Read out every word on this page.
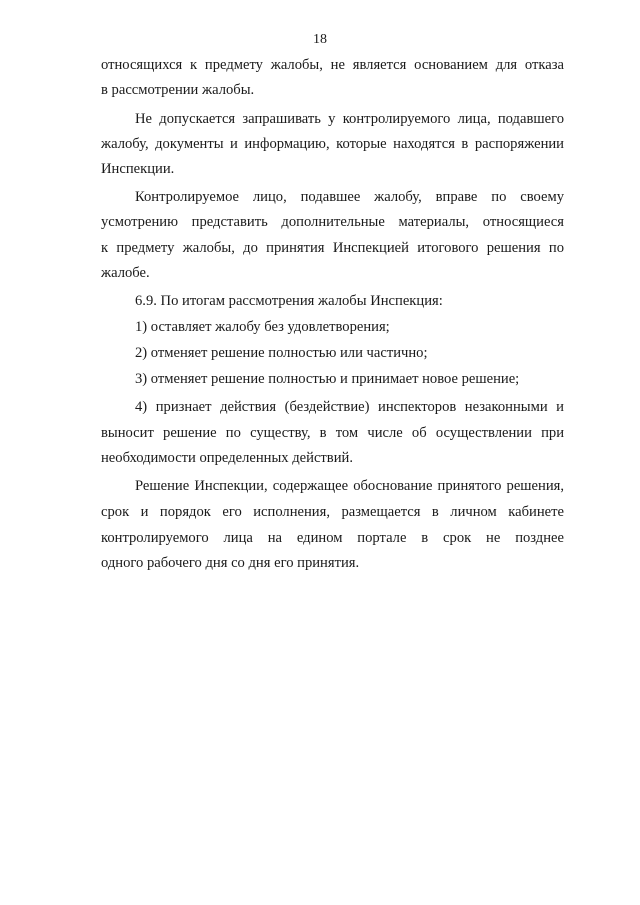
18
относящихся к предмету жалобы, не является основанием для отказа
в рассмотрении жалобы.
Не допускается запрашивать у контролируемого лица, подавшего
жалобу, документы и информацию, которые находятся в распоряжении
Инспекции.
Контролируемое лицо, подавшее жалобу, вправе по своему
усмотрению представить дополнительные материалы, относящиеся
к предмету жалобы, до принятия Инспекцией итогового решения по
жалобе.
6.9. По итогам рассмотрения жалобы Инспекция:
1) оставляет жалобу без удовлетворения;
2) отменяет решение полностью или частично;
3) отменяет решение полностью и принимает новое решение;
4) признает действия (бездействие) инспекторов незаконными и
выносит решение по существу, в том числе об осуществлении при
необходимости определенных действий.
Решение Инспекции, содержащее обоснование принятого решения,
срок и порядок его исполнения, размещается в личном кабинете
контролируемого лица на едином портале в срок не позднее
одного рабочего дня со дня его принятия.
